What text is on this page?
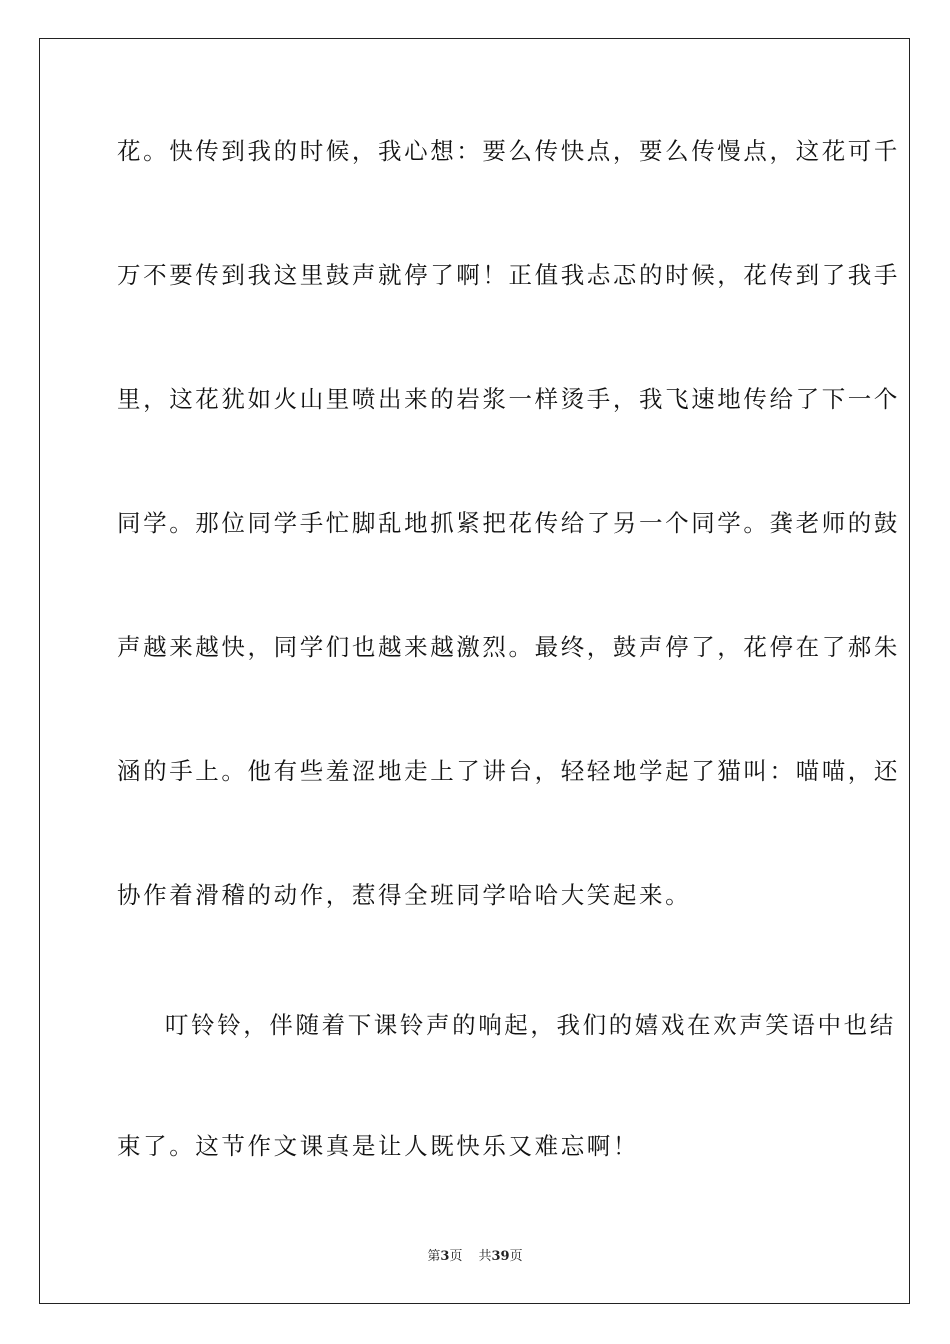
花。快传到我的时候，我心想：要么传快点，要么传慢点，这花可千
万不要传到我这里鼓声就停了啊！正值我忐忑的时候，花传到了我手
里，这花犹如火山里喷出来的岩浆一样烫手，我飞速地传给了下一个
同学。那位同学手忙脚乱地抓紧把花传给了另一个同学。龚老师的鼓
声越来越快，同学们也越来越激烈。最终，鼓声停了，花停在了郝朱
涵的手上。他有些羞涩地走上了讲台，轻轻地学起了猫叫：喵喵，还
协作着滑稽的动作，惹得全班同学哈哈大笑起来。
叮铃铃，伴随着下课铃声的响起，我们的嬉戏在欢声笑语中也结
束了。这节作文课真是让人既快乐又难忘啊！
第3页 共39页
